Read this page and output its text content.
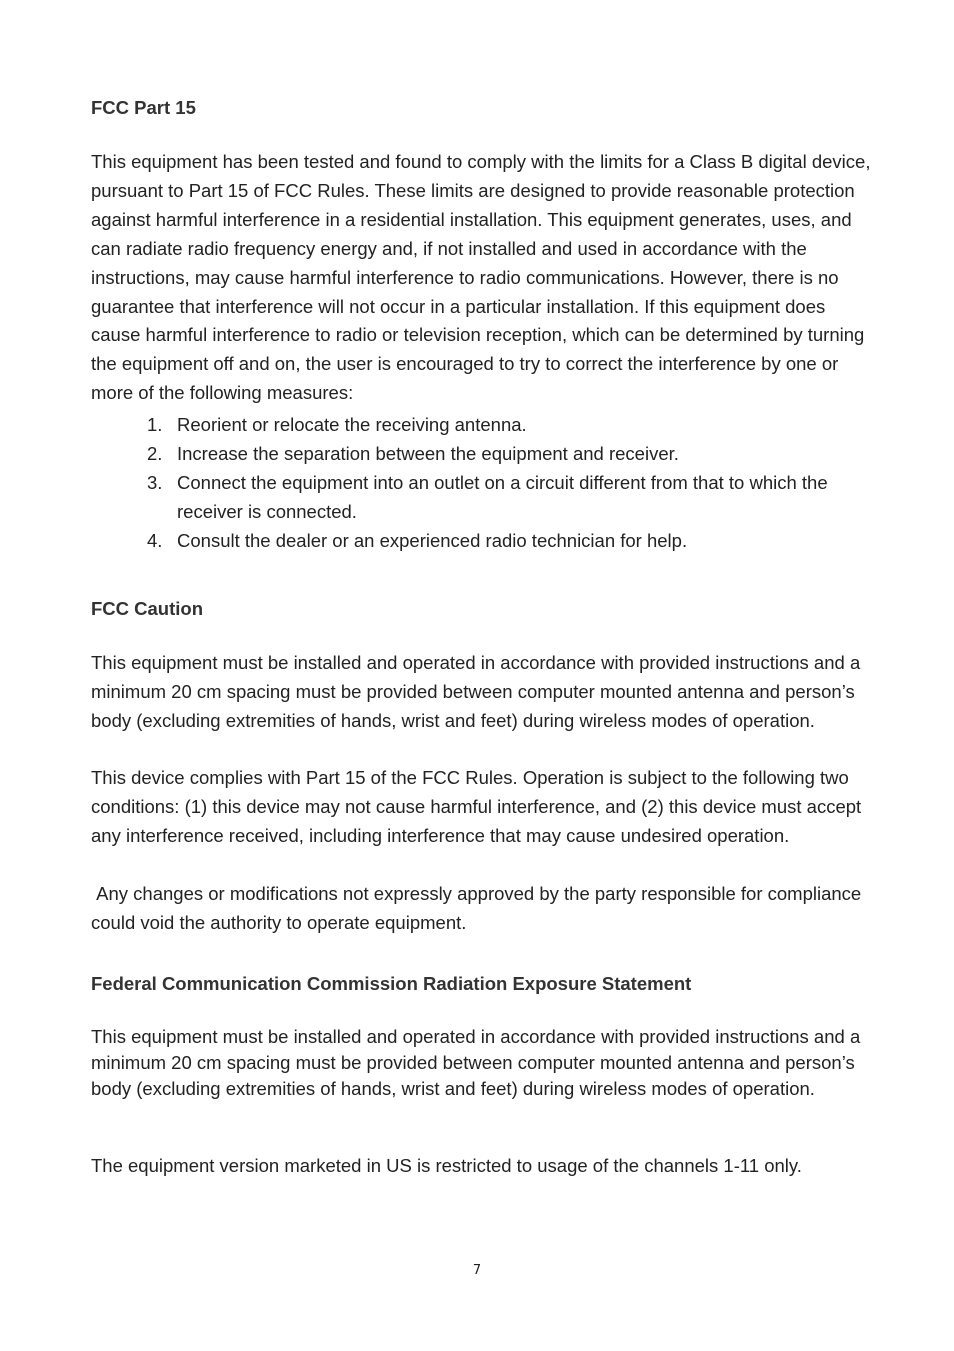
FCC Part 15

This equipment has been tested and found to comply with the limits for a Class B digital device, pursuant to Part 15 of FCC Rules. These limits are designed to provide reasonable protection against harmful interference in a residential installation. This equipment generates, uses, and can radiate radio frequency energy and, if not installed and used in accordance with the instructions, may cause harmful interference to radio communications. However, there is no guarantee that interference will not occur in a particular installation. If this equipment does cause harmful interference to radio or television reception, which can be determined by turning the equipment off and on, the user is encouraged to try to correct the interference by one or more of the following measures:

1. Reorient or relocate the receiving antenna.
2. Increase the separation between the equipment and receiver.
3. Connect the equipment into an outlet on a circuit different from that to which the receiver is connected.
4. Consult the dealer or an experienced radio technician for help.
FCC Caution

This equipment must be installed and operated in accordance with provided instructions and a minimum 20 cm spacing must be provided between computer mounted antenna and person’s body (excluding extremities of hands, wrist and feet) during wireless modes of operation.

This device complies with Part 15 of the FCC Rules. Operation is subject to the following two conditions: (1) this device may not cause harmful interference, and (2) this device must accept any interference received, including interference that may cause undesired operation.

Any changes or modifications not expressly approved by the party responsible for compliance could void the authority to operate equipment.

Federal Communication Commission Radiation Exposure Statement

This equipment must be installed and operated in accordance with provided instructions and a minimum 20 cm spacing must be provided between computer mounted antenna and person’s body (excluding extremities of hands, wrist and feet) during wireless modes of operation.

The equipment version marketed in US is restricted to usage of the channels 1-11 only.

7
